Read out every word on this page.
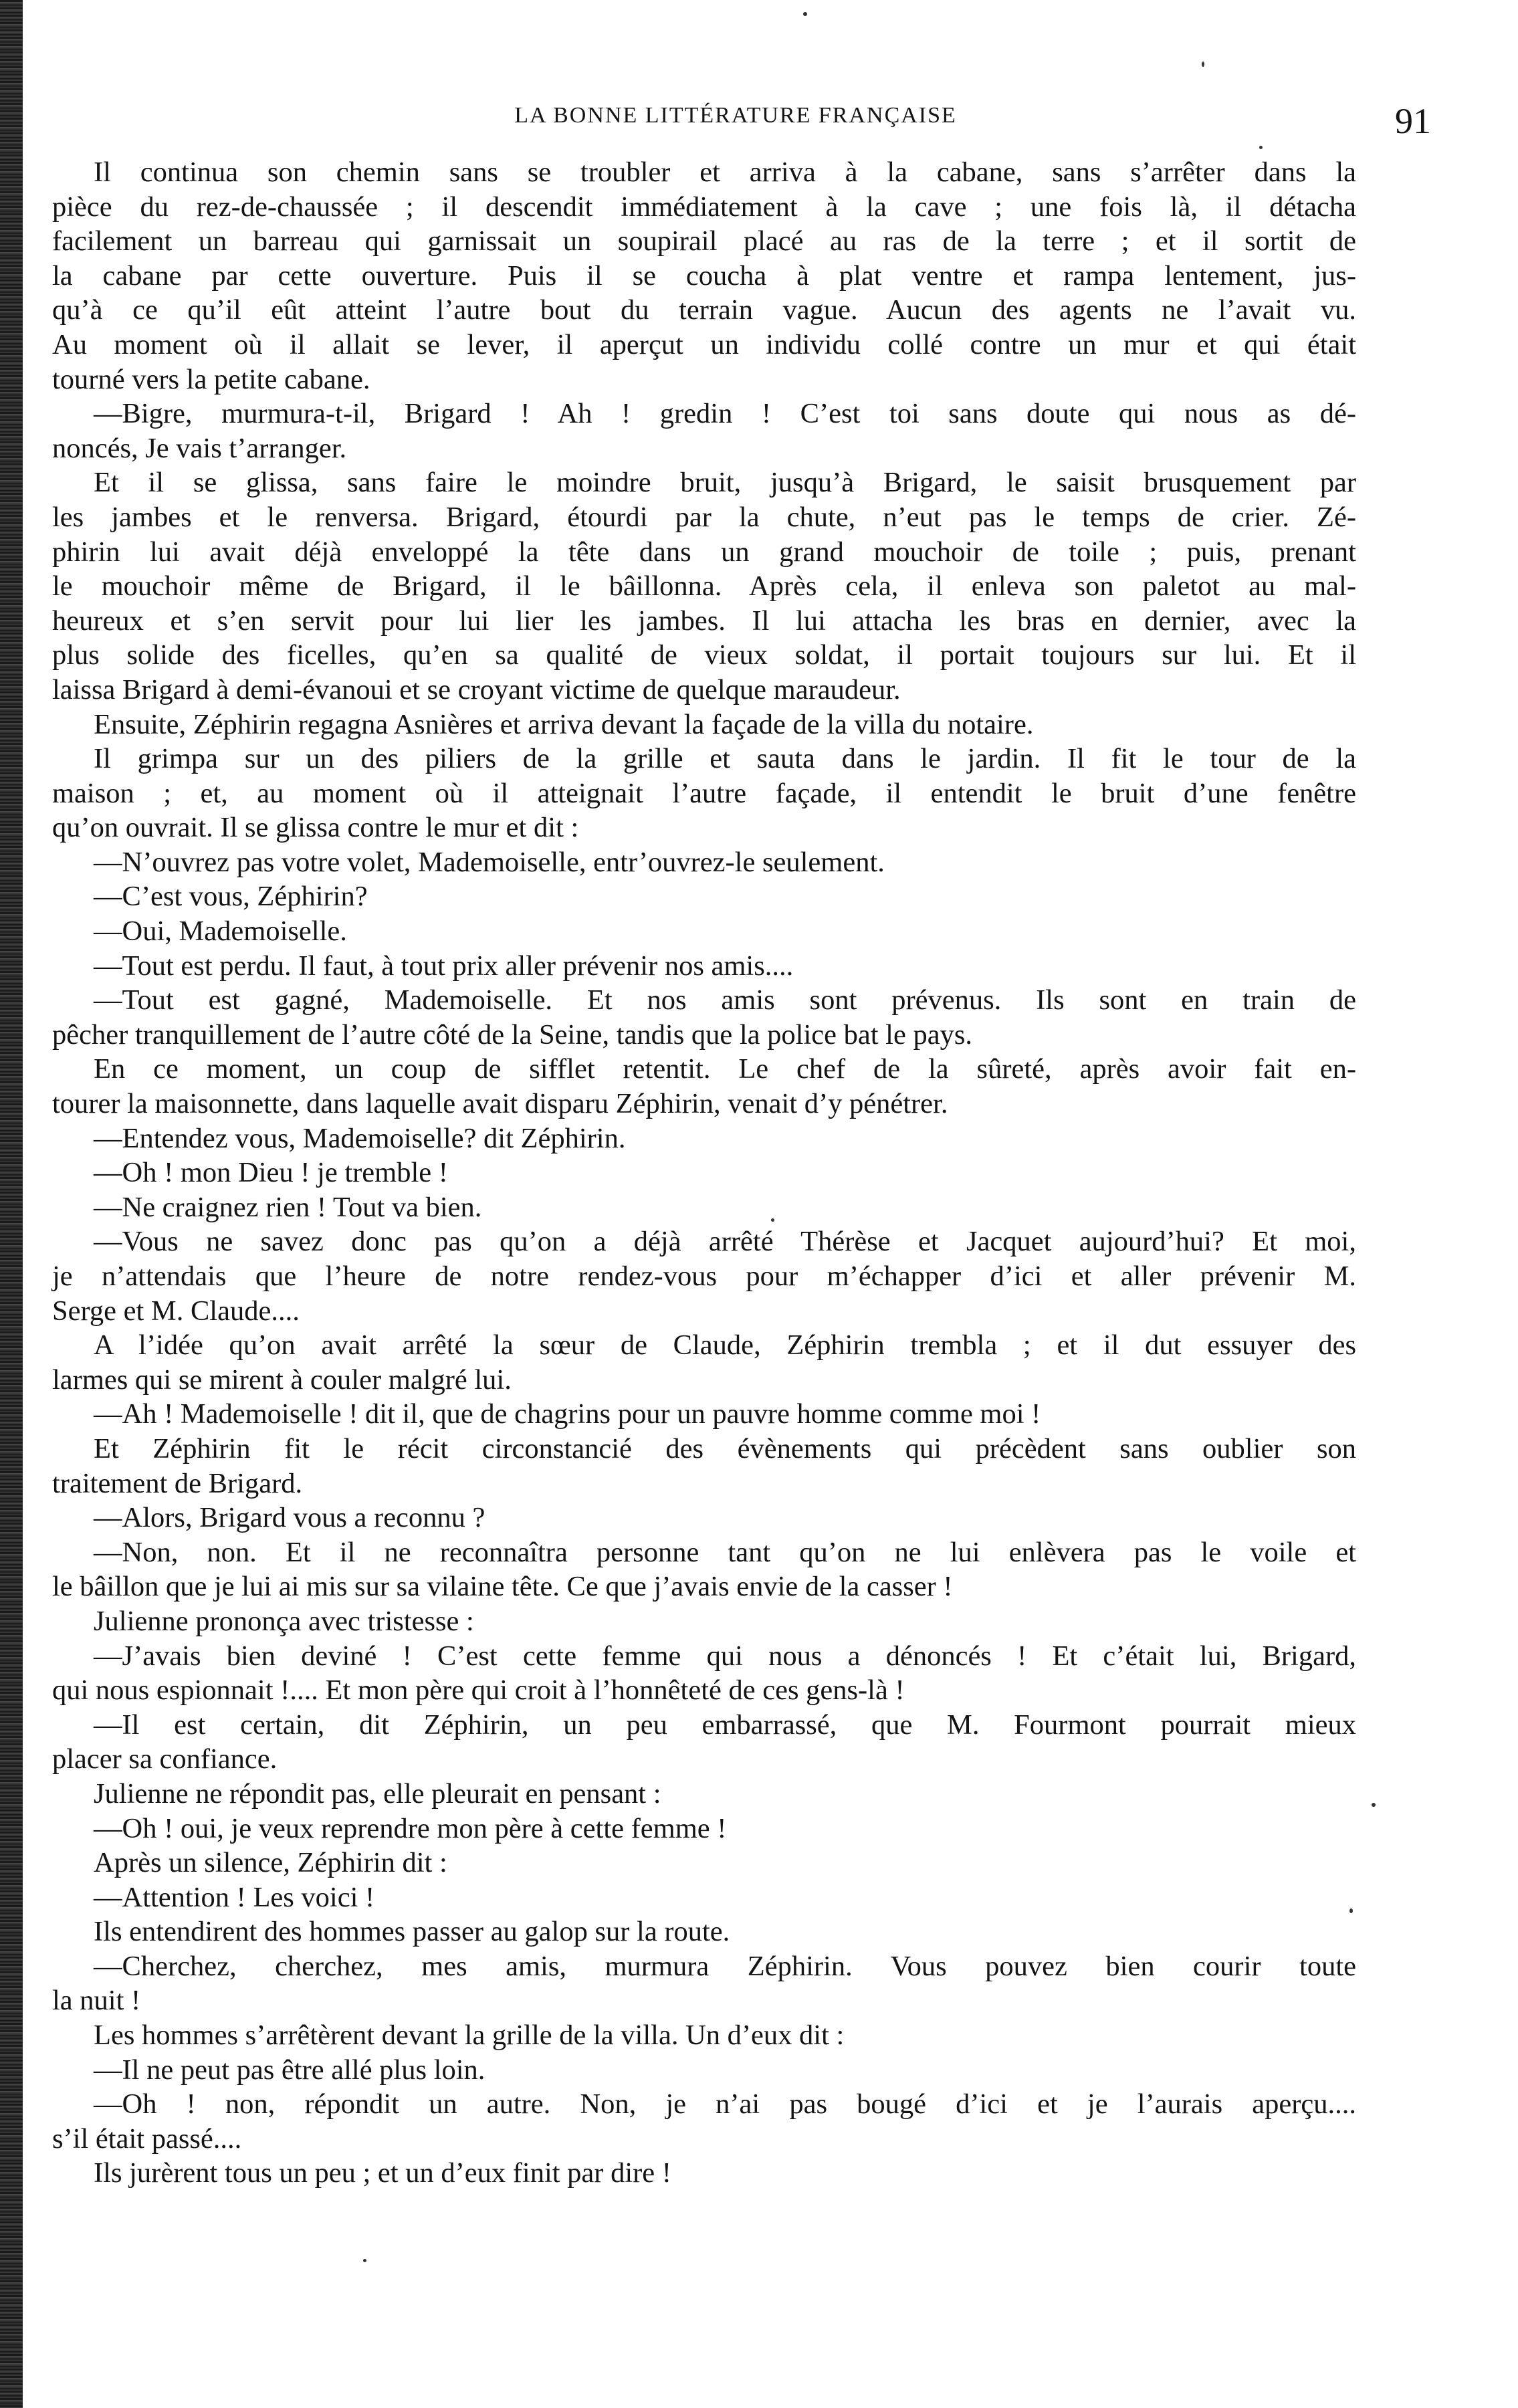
LA BONNE LITTÉRATURE FRANÇAISE	91
Il continua son chemin sans se troubler et arriva à la cabane, sans s’arrêter dans la
pièce du rez-de-chaussée ; il descendit immédiatement à la cave ; une fois là, il détacha
facilement un barreau qui garnissait un soupirail placé au ras de la terre ; et il sortit de
la cabane par cette ouverture. Puis il se coucha à plat ventre et rampa lentement, jus-
qu’à ce qu’il eût atteint l’autre bout du terrain vague. Aucun des agents ne l’avait vu.
Au moment où il allait se lever, il aperçut un individu collé contre un mur et qui était
tourné vers la petite cabane.
—Bigre, murmura-t-il, Brigard ! Ah ! gredin ! C’est toi sans doute qui nous as dé-
noncés, Je vais t’arranger.
Et il se glissa, sans faire le moindre bruit, jusqu’à Brigard, le saisit brusquement par
les jambes et le renversa. Brigard, étourdi par la chute, n’eut pas le temps de crier. Zé-
phirin lui avait déjà enveloppé la tête dans un grand mouchoir de toile ; puis, prenant
le mouchoir même de Brigard, il le bâillonna. Après cela, il enleva son paletot au mal-
heureux et s’en servit pour lui lier les jambes. Il lui attacha les bras en dernier, avec la
plus solide des ficelles, qu’en sa qualité de vieux soldat, il portait toujours sur lui. Et il
laissa Brigard à demi-évanoui et se croyant victime de quelque maraudeur.
Ensuite, Zéphirin regagna Asnières et arriva devant la façade de la villa du notaire.
Il grimpa sur un des piliers de la grille et sauta dans le jardin. Il fit le tour de la
maison ; et, au moment où il atteignait l’autre façade, il entendit le bruit d’une fenêtre
qu’on ouvrait. Il se glissa contre le mur et dit :
—N’ouvrez pas votre volet, Mademoiselle, entr’ouvrez-le seulement.
—C’est vous, Zéphirin?
—Oui, Mademoiselle.
—Tout est perdu. Il faut, à tout prix aller prévenir nos amis....
—Tout est gagné, Mademoiselle. Et nos amis sont prévenus. Ils sont en train de
pêcher tranquillement de l’autre côté de la Seine, tandis que la police bat le pays.
En ce moment, un coup de sifflet retentit. Le chef de la sûreté, après avoir fait en-
tourer la maisonnette, dans laquelle avait disparu Zéphirin, venait d’y pénétrer.
—Entendez vous, Mademoiselle? dit Zéphirin.
—Oh ! mon Dieu ! je tremble !
—Ne craignez rien ! Tout va bien.
—Vous ne savez donc pas qu’on a déjà arrêté Thérèse et Jacquet aujourd’hui? Et moi,
je n’attendais que l’heure de notre rendez-vous pour m’échapper d’ici et aller prévenir M.
Serge et M. Claude....
A l’idée qu’on avait arrêté la sœur de Claude, Zéphirin trembla ; et il dut essuyer des
larmes qui se mirent à couler malgré lui.
—Ah ! Mademoiselle ! dit il, que de chagrins pour un pauvre homme comme moi !
Et Zéphirin fit le récit circonstancié des évènements qui précèdent sans oublier son
traitement de Brigard.
—Alors, Brigard vous a reconnu ?
—Non, non. Et il ne reconnaîtra personne tant qu’on ne lui enlèvera pas le voile et
le bâillon que je lui ai mis sur sa vilaine tête. Ce que j’avais envie de la casser !
Julienne prononça avec tristesse :
—J’avais bien deviné ! C’est cette femme qui nous a dénoncés ! Et c’était lui, Brigard,
qui nous espionnait !.... Et mon père qui croit à l’honnêteté de ces gens-là !
—Il est certain, dit Zéphirin, un peu embarrassé, que M. Fourmont pourrait mieux
placer sa confiance.
Julienne ne répondit pas, elle pleurait en pensant :
—Oh ! oui, je veux reprendre mon père à cette femme !
Après un silence, Zéphirin dit :
—Attention ! Les voici !
Ils entendirent des hommes passer au galop sur la route.
—Cherchez, cherchez, mes amis, murmura Zéphirin. Vous pouvez bien courir toute
la nuit !
Les hommes s’arrêtèrent devant la grille de la villa. Un d’eux dit :
—Il ne peut pas être allé plus loin.
—Oh ! non, répondit un autre. Non, je n’ai pas bougé d’ici et je l’aurais aperçu....
s’il était passé....
Ils jurèrent tous un peu ; et un d’eux finit par dire !
